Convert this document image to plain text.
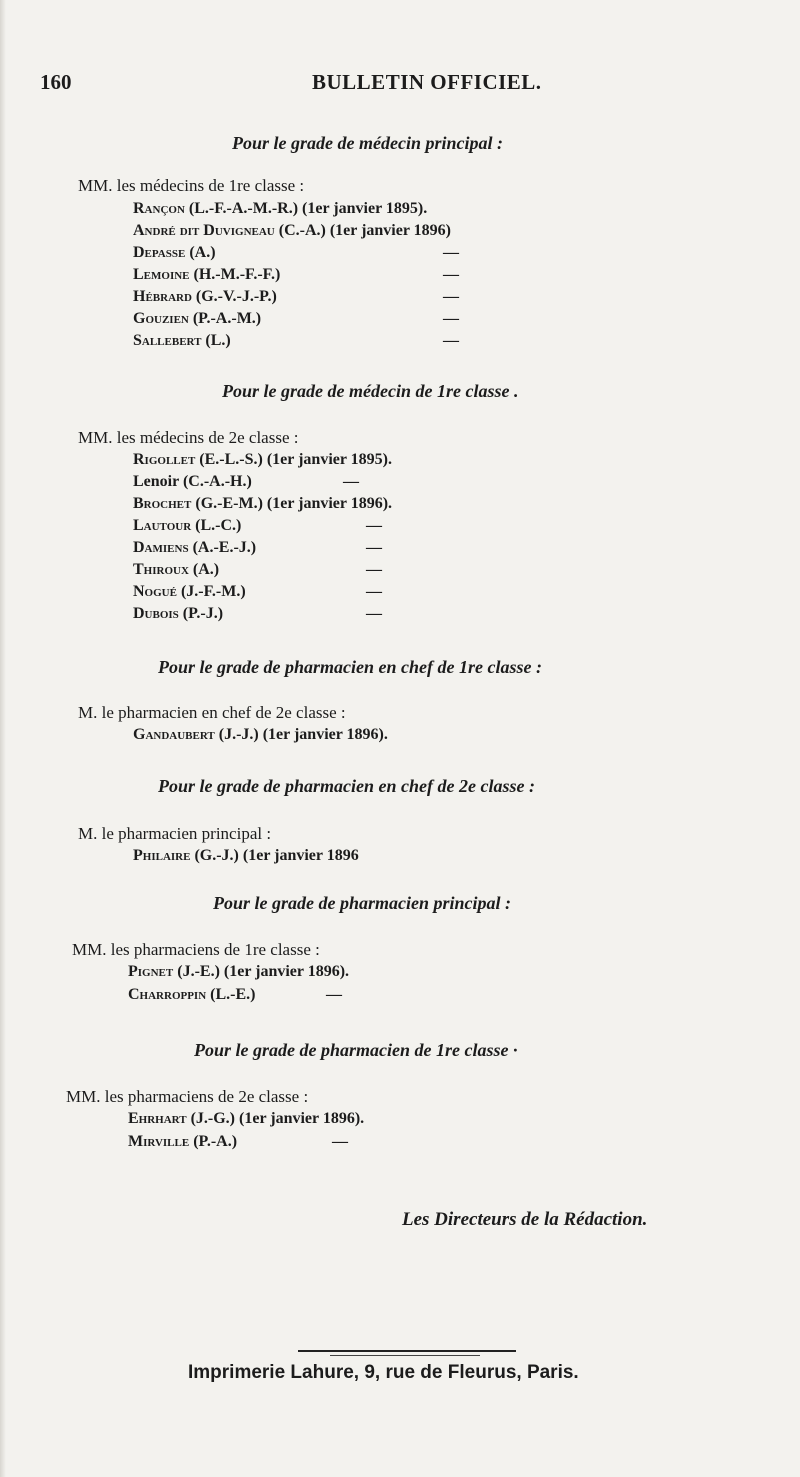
160	BULLETIN OFFICIEL.
Pour le grade de médecin principal :
MM. les médecins de 1re classe :
Rançon (L.-F.-A.-M.-R.) (1er janvier 1895).
André dit Duvigneau (C.-A.) (1er janvier 1896)
Depasse (A.)	—
Lemoine (H.-M.-F.-F.)	—
Hébrard (G.-V.-J.-P.)	—
Gouzien (P.-A.-M.)	—
Sallebert (L.)	—
Pour le grade de médecin de 1re classe .
MM. les médecins de 2e classe :
Rigollet (E.-L.-S.) (1er janvier 1895).
Lenoir (C.-A.-H.)	—
Brochet (G.-E-M.) (1er janvier 1896).
Lautour (L.-C.)	—
Damiens (A.-E.-J.)	—
Thiroux (A.)	—
Nogué (J.-F.-M.)	—
Dubois (P.-J.)	—
Pour le grade de pharmacien en chef de 1re classe :
M. le pharmacien en chef de 2e classe :
Gandaubert (J.-J.) (1er janvier 1896).
Pour le grade de pharmacien en chef de 2e classe :
M. le pharmacien principal :
Philaire (G.-J.) (1er janvier 1896
Pour le grade de pharmacien principal :
MM. les pharmaciens de 1re classe :
Pignet (J.-E.) (1er janvier 1896).
Charroppin (L.-E.)	—
Pour le grade de pharmacien de 1re classe ·
MM. les pharmaciens de 2e classe :
Ehrhart (J.-G.) (1er janvier 1896).
Mirville (P.-A.)	—
Les Directeurs de la Rédaction.
Imprimerie Lahure, 9, rue de Fleurus, Paris.
